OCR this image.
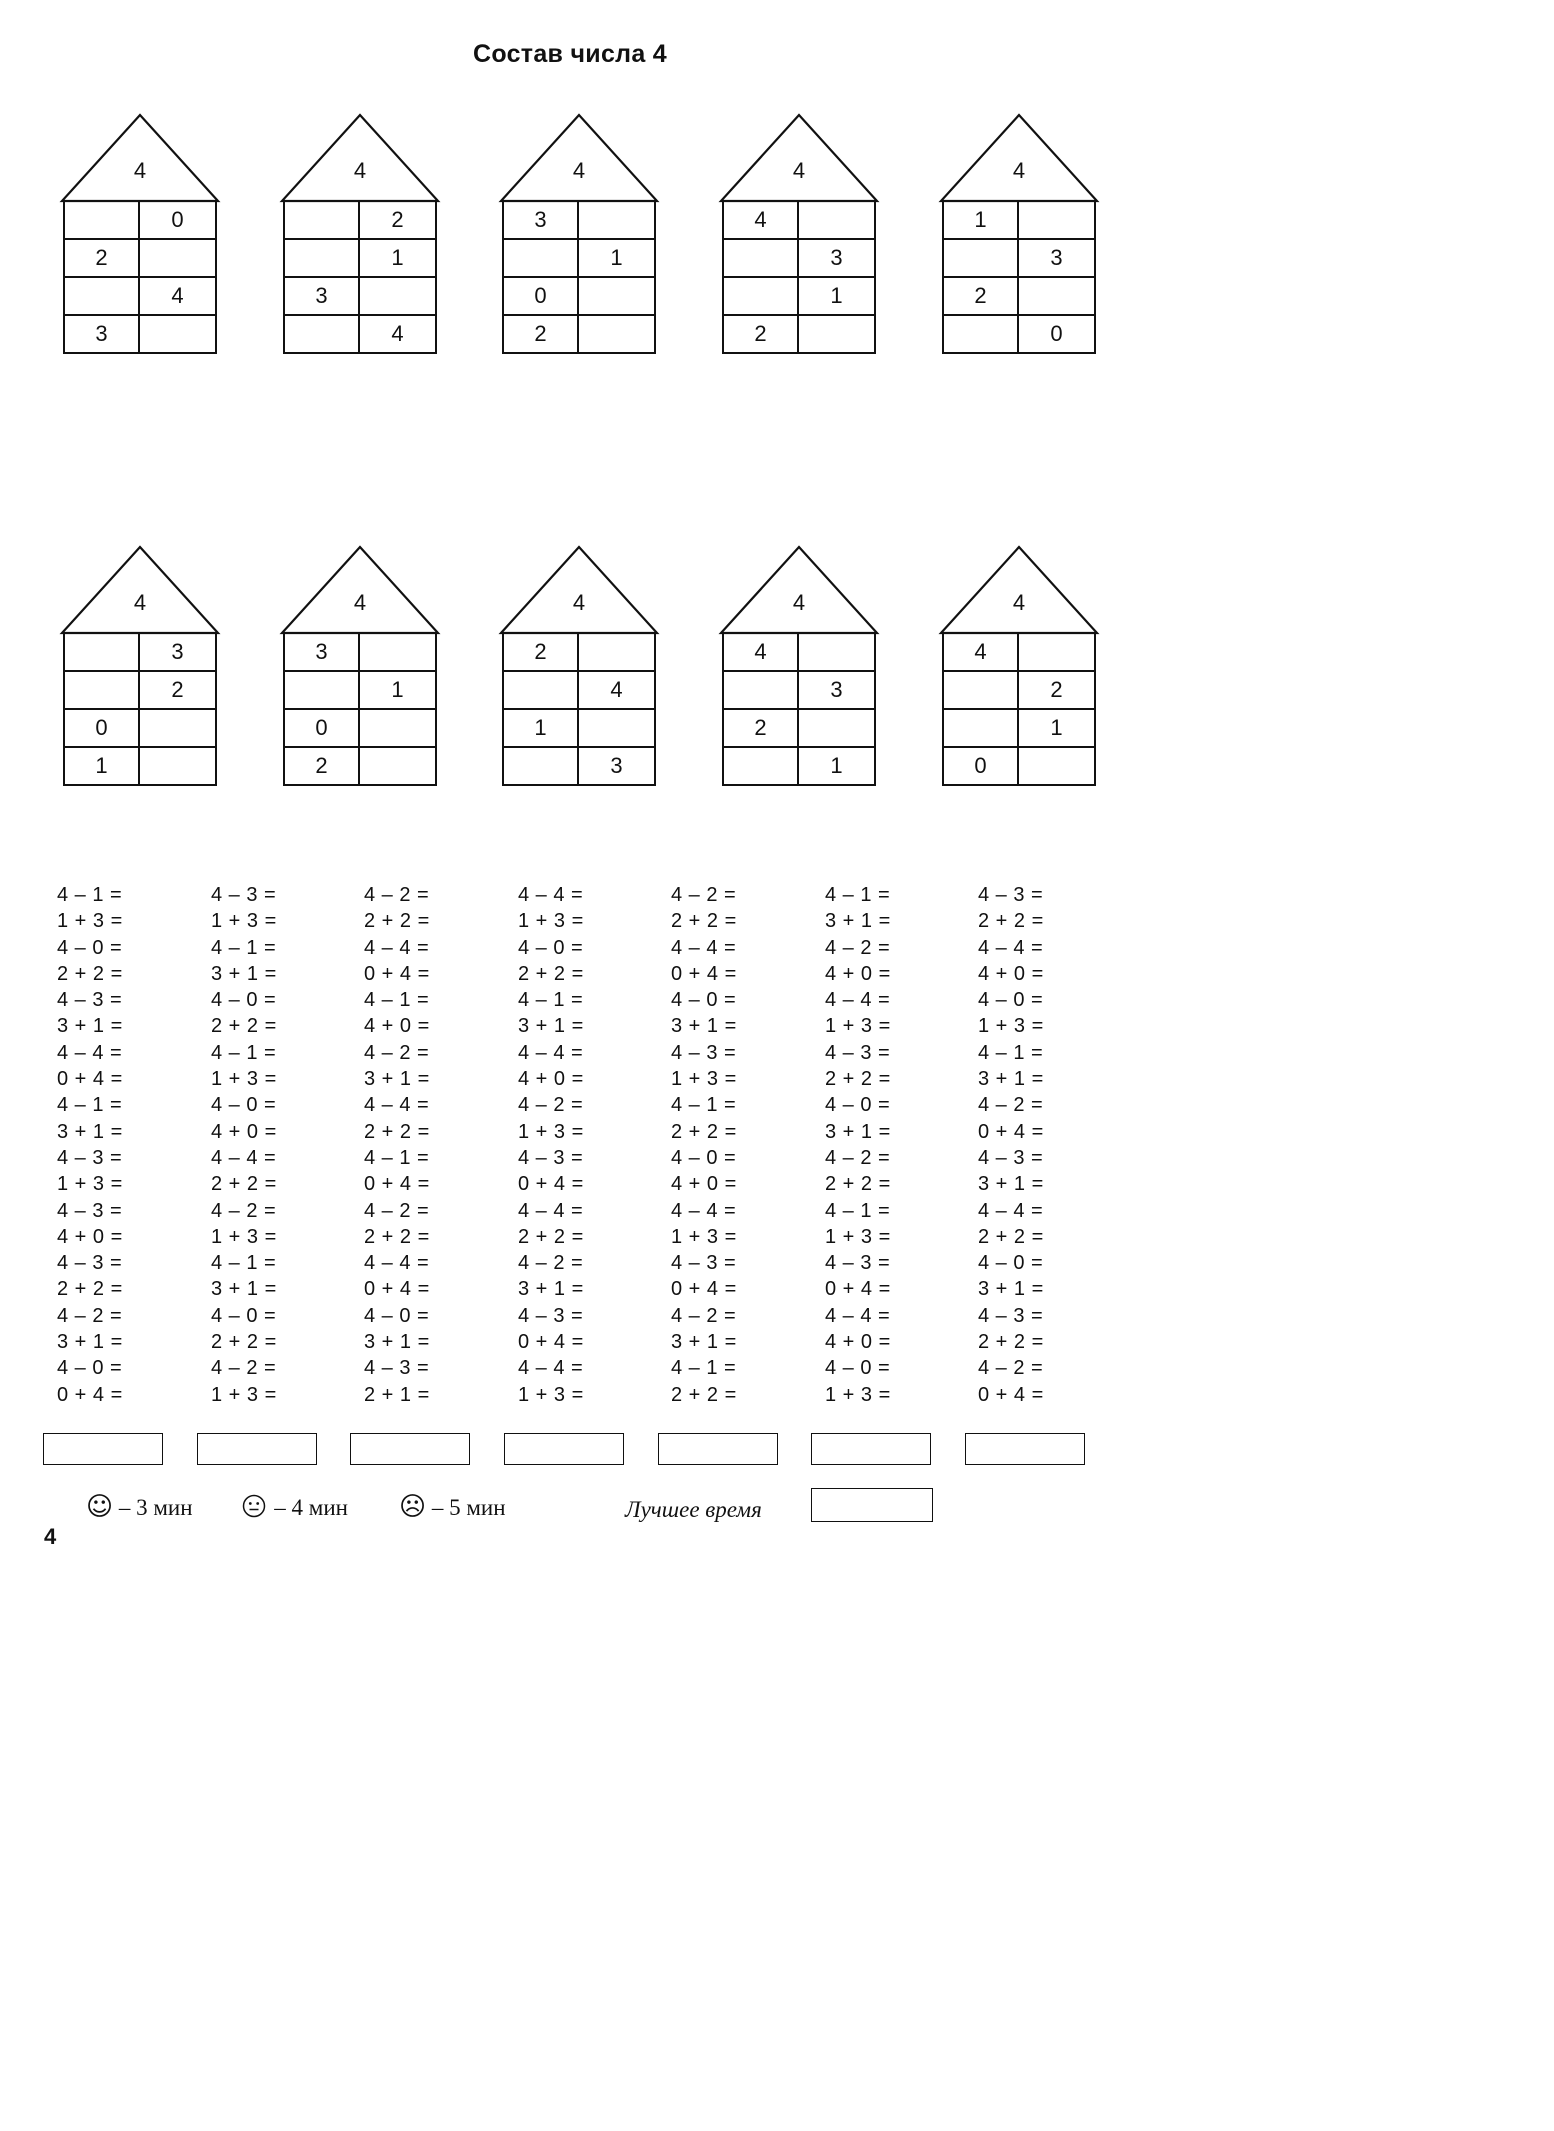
Состав числа 4
4
0
2
4
3
4
2
1
3
4
4
3
1
0
2
4
4
3
1
2
4
1
3
2
0
4
3
2
0
1
4
3
1
0
2
4
2
4
1
3
4
4
3
2
1
4
4
2
1
0
4 – 1 =
1 + 3 =
4 – 0 =
2 + 2 =
4 – 3 =
3 + 1 =
4 – 4 =
0 + 4 =
4 – 1 =
3 + 1 =
4 – 3 =
1 + 3 =
4 – 3 =
4 + 0 =
4 – 3 =
2 + 2 =
4 – 2 =
3 + 1 =
4 – 0 =
0 + 4 =
4 – 3 =
1 + 3 =
4 – 1 =
3 + 1 =
4 – 0 =
2 + 2 =
4 – 1 =
1 + 3 =
4 – 0 =
4 + 0 =
4 – 4 =
2 + 2 =
4 – 2 =
1 + 3 =
4 – 1 =
3 + 1 =
4 – 0 =
2 + 2 =
4 – 2 =
1 + 3 =
4 – 2 =
2 + 2 =
4 – 4 =
0 + 4 =
4 – 1 =
4 + 0 =
4 – 2 =
3 + 1 =
4 – 4 =
2 + 2 =
4 – 1 =
0 + 4 =
4 – 2 =
2 + 2 =
4 – 4 =
0 + 4 =
4 – 0 =
3 + 1 =
4 – 3 =
2 + 1 =
4 – 4 =
1 + 3 =
4 – 0 =
2 + 2 =
4 – 1 =
3 + 1 =
4 – 4 =
4 + 0 =
4 – 2 =
1 + 3 =
4 – 3 =
0 + 4 =
4 – 4 =
2 + 2 =
4 – 2 =
3 + 1 =
4 – 3 =
0 + 4 =
4 – 4 =
1 + 3 =
4 – 2 =
2 + 2 =
4 – 4 =
0 + 4 =
4 – 0 =
3 + 1 =
4 – 3 =
1 + 3 =
4 – 1 =
2 + 2 =
4 – 0 =
4 + 0 =
4 – 4 =
1 + 3 =
4 – 3 =
0 + 4 =
4 – 2 =
3 + 1 =
4 – 1 =
2 + 2 =
4 – 1 =
3 + 1 =
4 – 2 =
4 + 0 =
4 – 4 =
1 + 3 =
4 – 3 =
2 + 2 =
4 – 0 =
3 + 1 =
4 – 2 =
2 + 2 =
4 – 1 =
1 + 3 =
4 – 3 =
0 + 4 =
4 – 4 =
4 + 0 =
4 – 0 =
1 + 3 =
4 – 3 =
2 + 2 =
4 – 4 =
4 + 0 =
4 – 0 =
1 + 3 =
4 – 1 =
3 + 1 =
4 – 2 =
0 + 4 =
4 – 3 =
3 + 1 =
4 – 4 =
2 + 2 =
4 – 0 =
3 + 1 =
4 – 3 =
2 + 2 =
4 – 2 =
0 + 4 =
☺ – 3 мин	– 4 мин ☹ – 5 мин	Лучшее время
4
